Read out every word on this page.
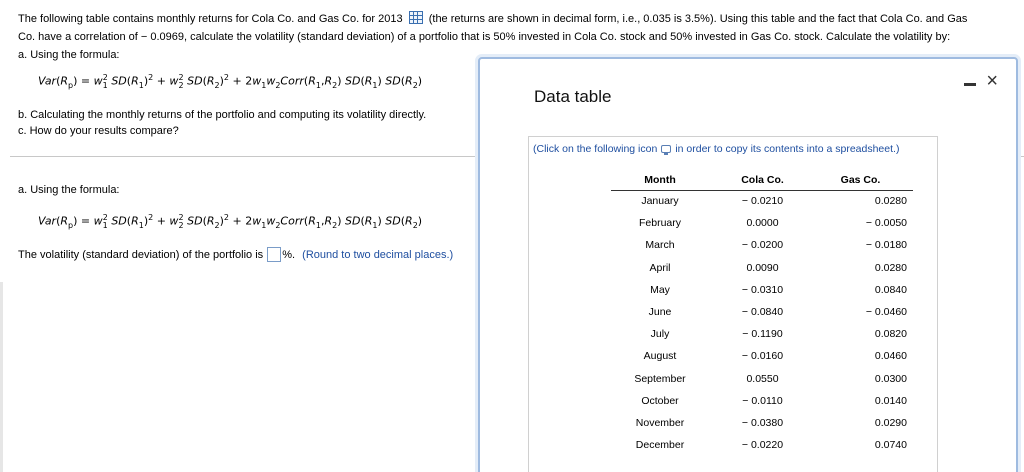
The following table contains monthly returns for Cola Co. and Gas Co. for 2013 (the returns are shown in decimal form, i.e., 0.035 is 3.5%). Using this table and the fact that Cola Co. and Gas
Co. have a correlation of − 0.0969, calculate the volatility (standard deviation) of a portfolio that is 50% invested in Cola Co. stock and 50% invested in Gas Co. stock. Calculate the volatility by:
a. Using the formula:
$Var(R_p) = w_1^2$ $SD(R_1)^2 + w_2^2$ $SD(R_2)^2$ + $2w_1w_2Corr(R_1,R_2)$ $SD(R_1)$ $SD(R_2)$
b. Calculating the monthly returns of the portfolio and computing its volatility directly.
c. How do your results compare?
a. Using the formula:
$Var(R_p) = w_1^2$ $SD(R_1)^2 + w_2^2$ $SD(R_2)^2$ + $2w_1w_2Corr(R_1,R_2)$ $SD(R_1)$ $SD(R_2)$
The volatility (standard deviation) of the portfolio is %. (Round to two decimal places.)
Data table
×
(Click on the following icon in order to copy its contents into a spreadsheet.)
Month	Cola Co.	Gas Co.
January	− 0.0210	0.0280
February	0.0000	− 0.0050
March	− 0.0200	− 0.0180
April	0.0090	0.0280
May	− 0.0310	0.0840
June	− 0.0840	− 0.0460
July	− 0.1190	0.0820
August	− 0.0160	0.0460
September	0.0550	0.0300
October	− 0.0110	0.0140
November	− 0.0380	0.0290
December	− 0.0220	0.0740
